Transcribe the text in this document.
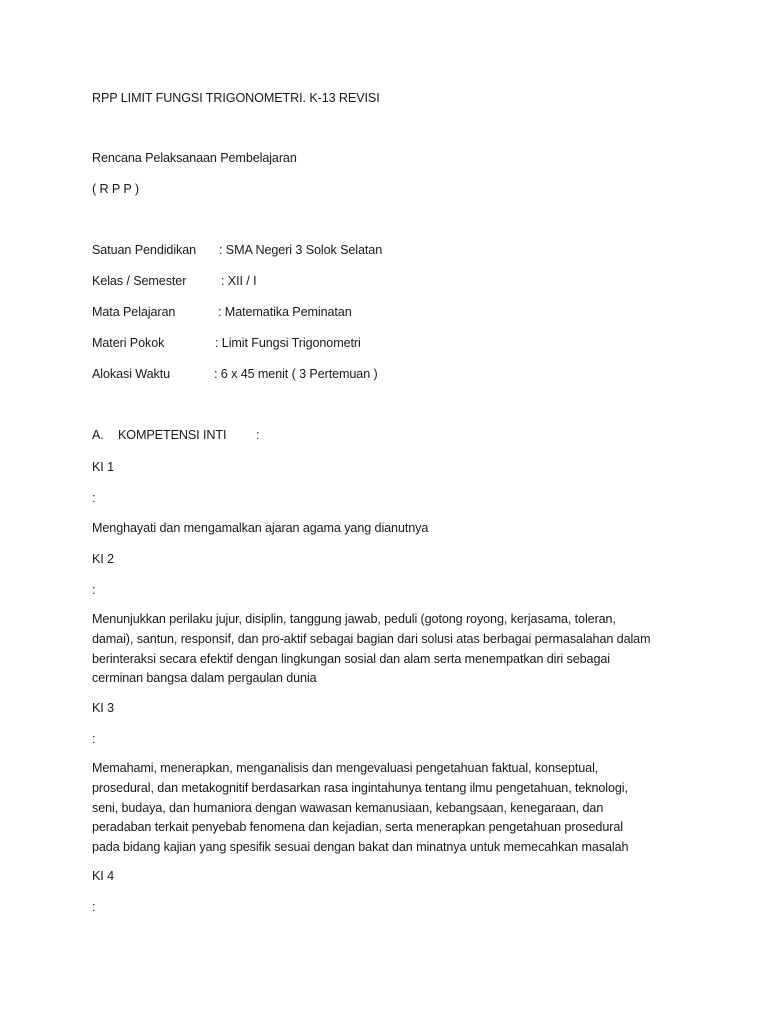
RPP LIMIT FUNGSI TRIGONOMETRI. K-13 REVISI
Rencana Pelaksanaan Pembelajaran
( R P P )
Satuan Pendidikan : SMA Negeri 3 Solok Selatan
Kelas / Semester	: XII / I
Mata Pelajaran	: Matematika Peminatan
Materi Pokok	: Limit Fungsi Trigonometri
Alokasi Waktu	: 6 x 45 menit ( 3 Pertemuan )
A. KOMPETENSI INTI :
KI 1
:
Menghayati dan mengamalkan ajaran agama yang dianutnya
KI 2
:
Menunjukkan perilaku jujur, disiplin, tanggung jawab, peduli (gotong royong, kerjasama, toleran,
damai), santun, responsif, dan pro-aktif sebagai bagian dari solusi atas berbagai permasalahan dalam
berinteraksi secara efektif dengan lingkungan sosial dan alam serta menempatkan diri sebagai
cerminan bangsa dalam pergaulan dunia
KI 3
:
Memahami, menerapkan, menganalisis dan mengevaluasi pengetahuan faktual, konseptual,
prosedural, dan metakognitif berdasarkan rasa ingintahunya tentang ilmu pengetahuan, teknologi,
seni, budaya, dan humaniora dengan wawasan kemanusiaan, kebangsaan, kenegaraan, dan
peradaban terkait penyebab fenomena dan kejadian, serta menerapkan pengetahuan prosedural
pada bidang kajian yang spesifik sesuai dengan bakat dan minatnya untuk memecahkan masalah
KI 4
:
